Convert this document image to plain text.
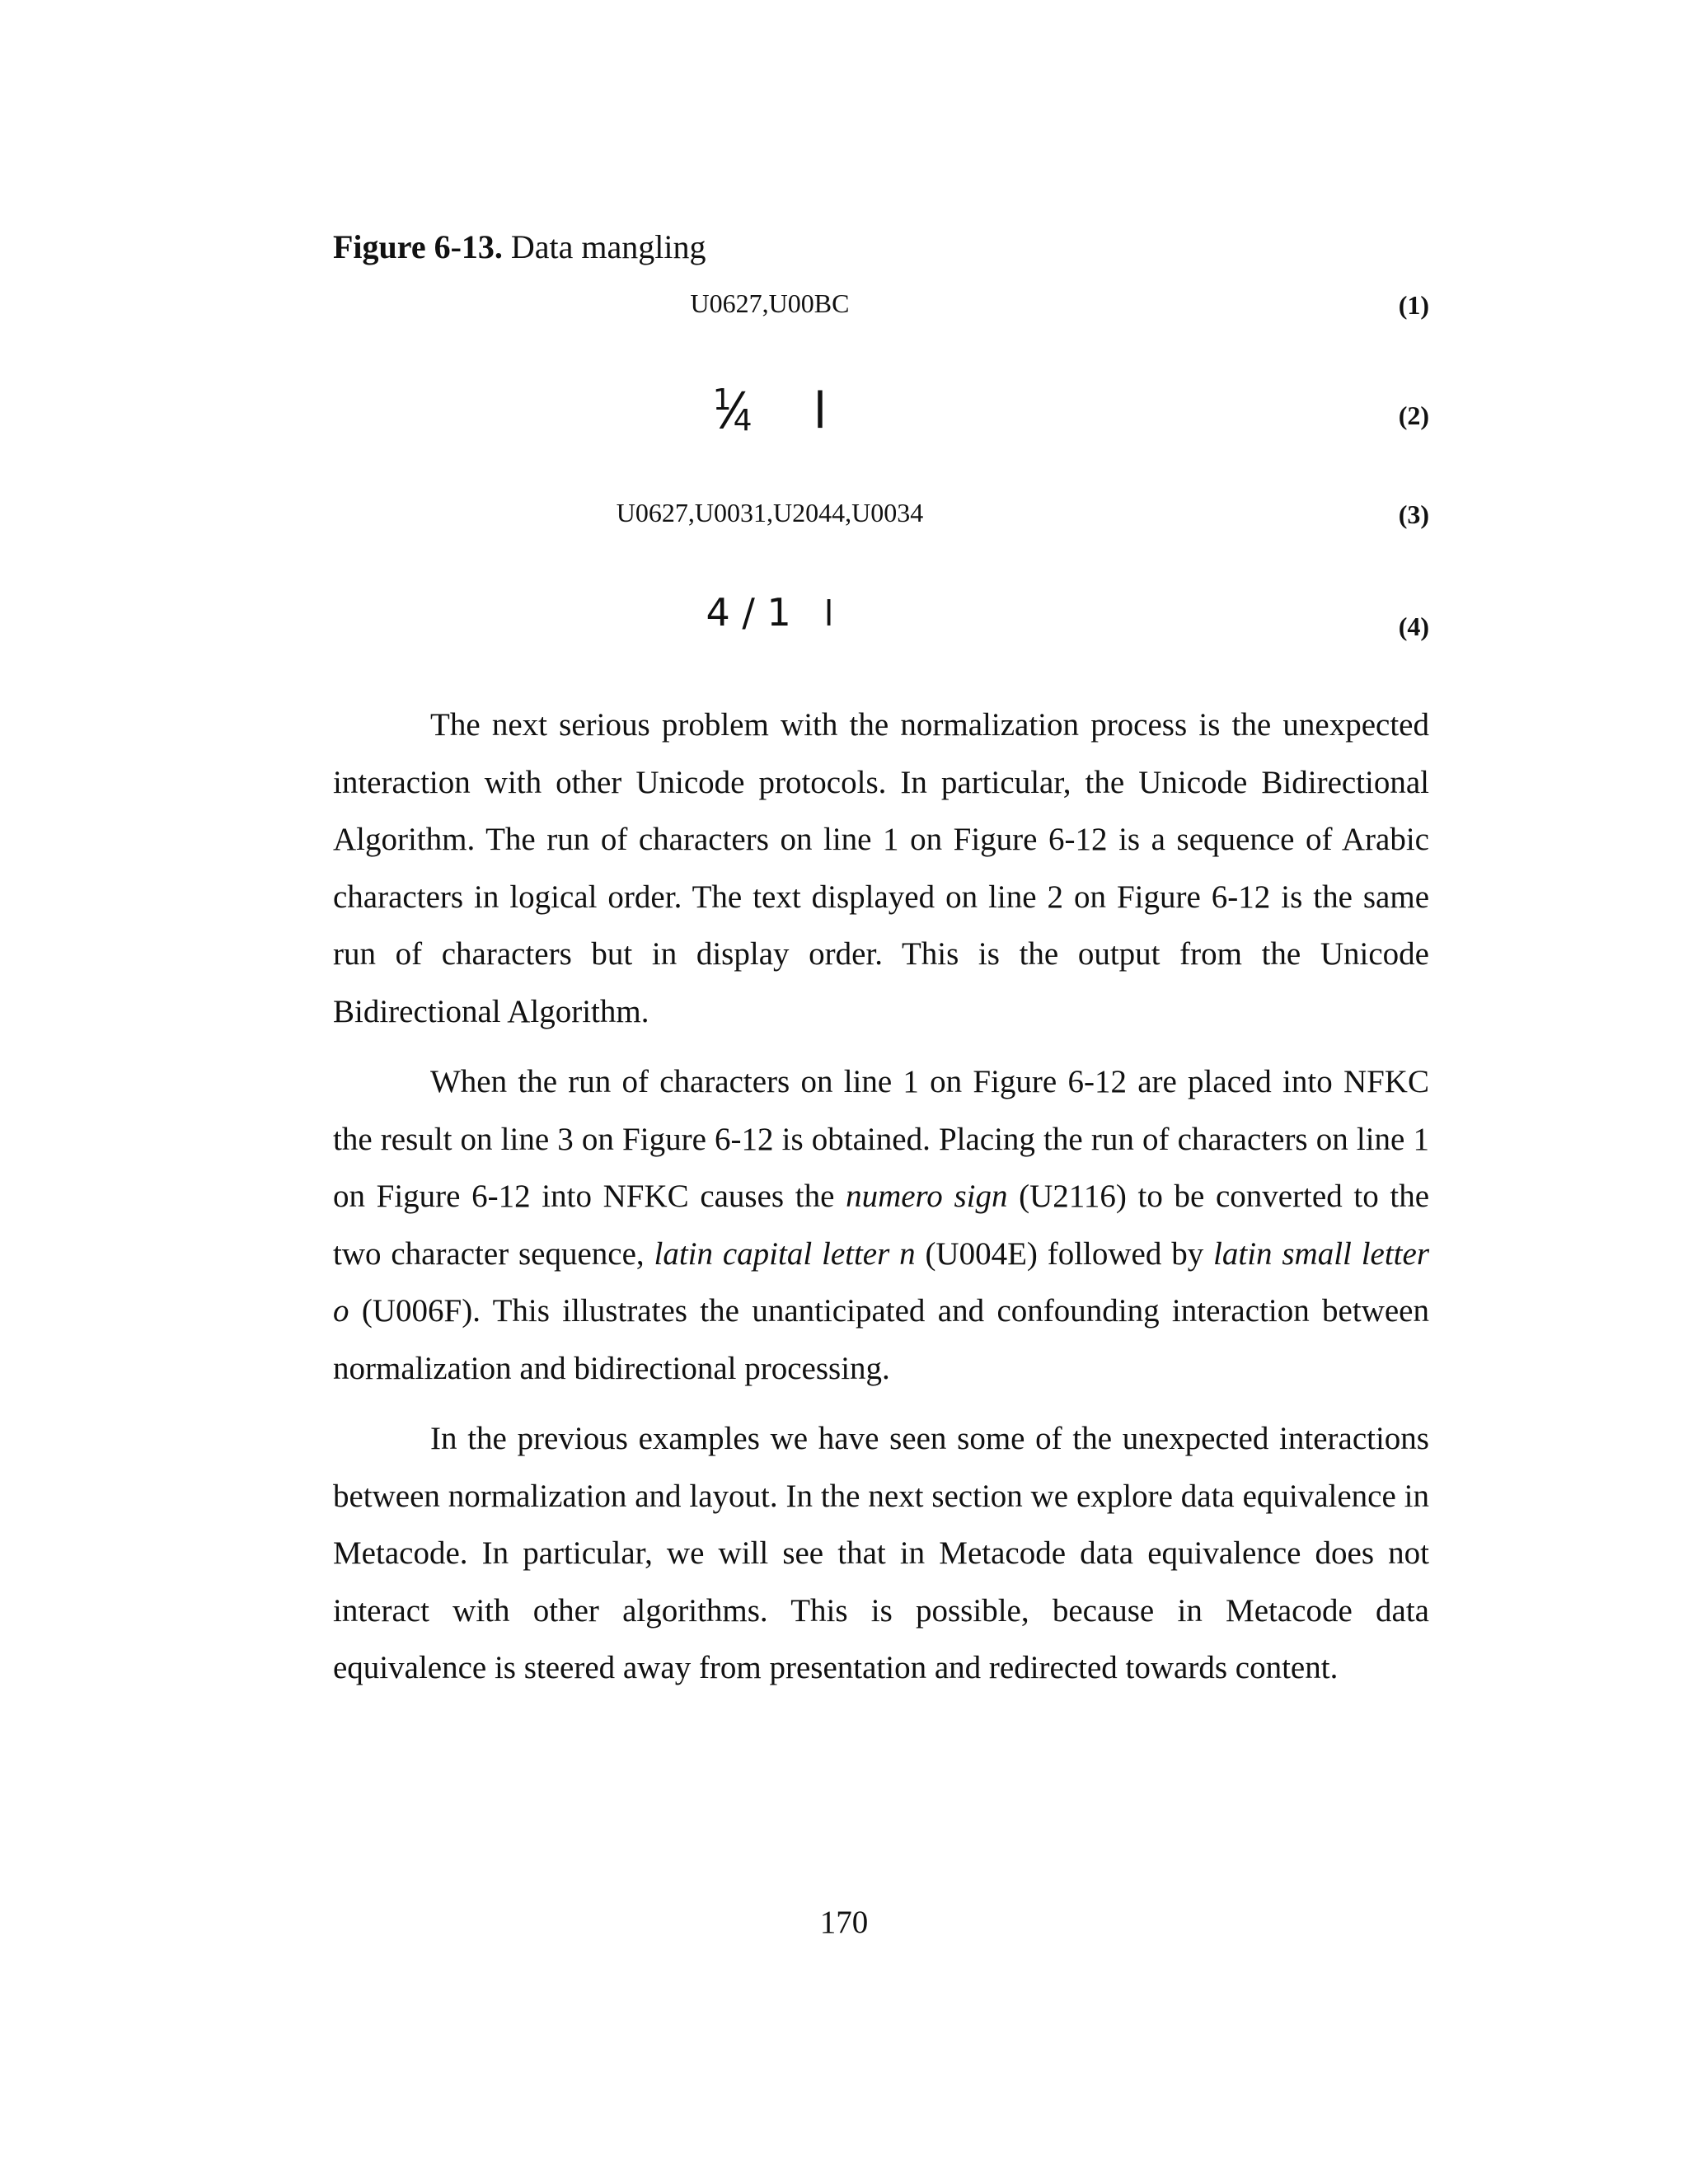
Figure 6-13. Data mangling
U0627,U00BC	(1)
$^1⁄_4$ ا	(2)
U0627,U0031,U2044,U0034	(3)
4 / 1 ا	(4)

The next serious problem with the normalization process is the unexpected interaction with other Unicode protocols. In particular, the Unicode Bidirectional Algorithm. The run of characters on line 1 on Figure 6-12 is a sequence of Arabic characters in logical order. The text displayed on line 2 on Figure 6-12 is the same run of characters but in display order. This is the output from the Unicode Bidirectional Algorithm.

When the run of characters on line 1 on Figure 6-12 are placed into NFKC the result on line 3 on Figure 6-12 is obtained. Placing the run of characters on line 1 on Figure 6-12 into NFKC causes the numero sign (U2116) to be converted to the two character sequence, latin capital letter n (U004E) followed by latin small letter o (U006F). This illustrates the unanticipated and confounding interaction between normalization and bidirectional processing.

In the previous examples we have seen some of the unexpected interactions between normalization and layout. In the next section we explore data equivalence in Metacode. In particular, we will see that in Metacode data equivalence does not interact with other algorithms. This is possible, because in Metacode data equivalence is steered away from presentation and redirected towards content.

170
